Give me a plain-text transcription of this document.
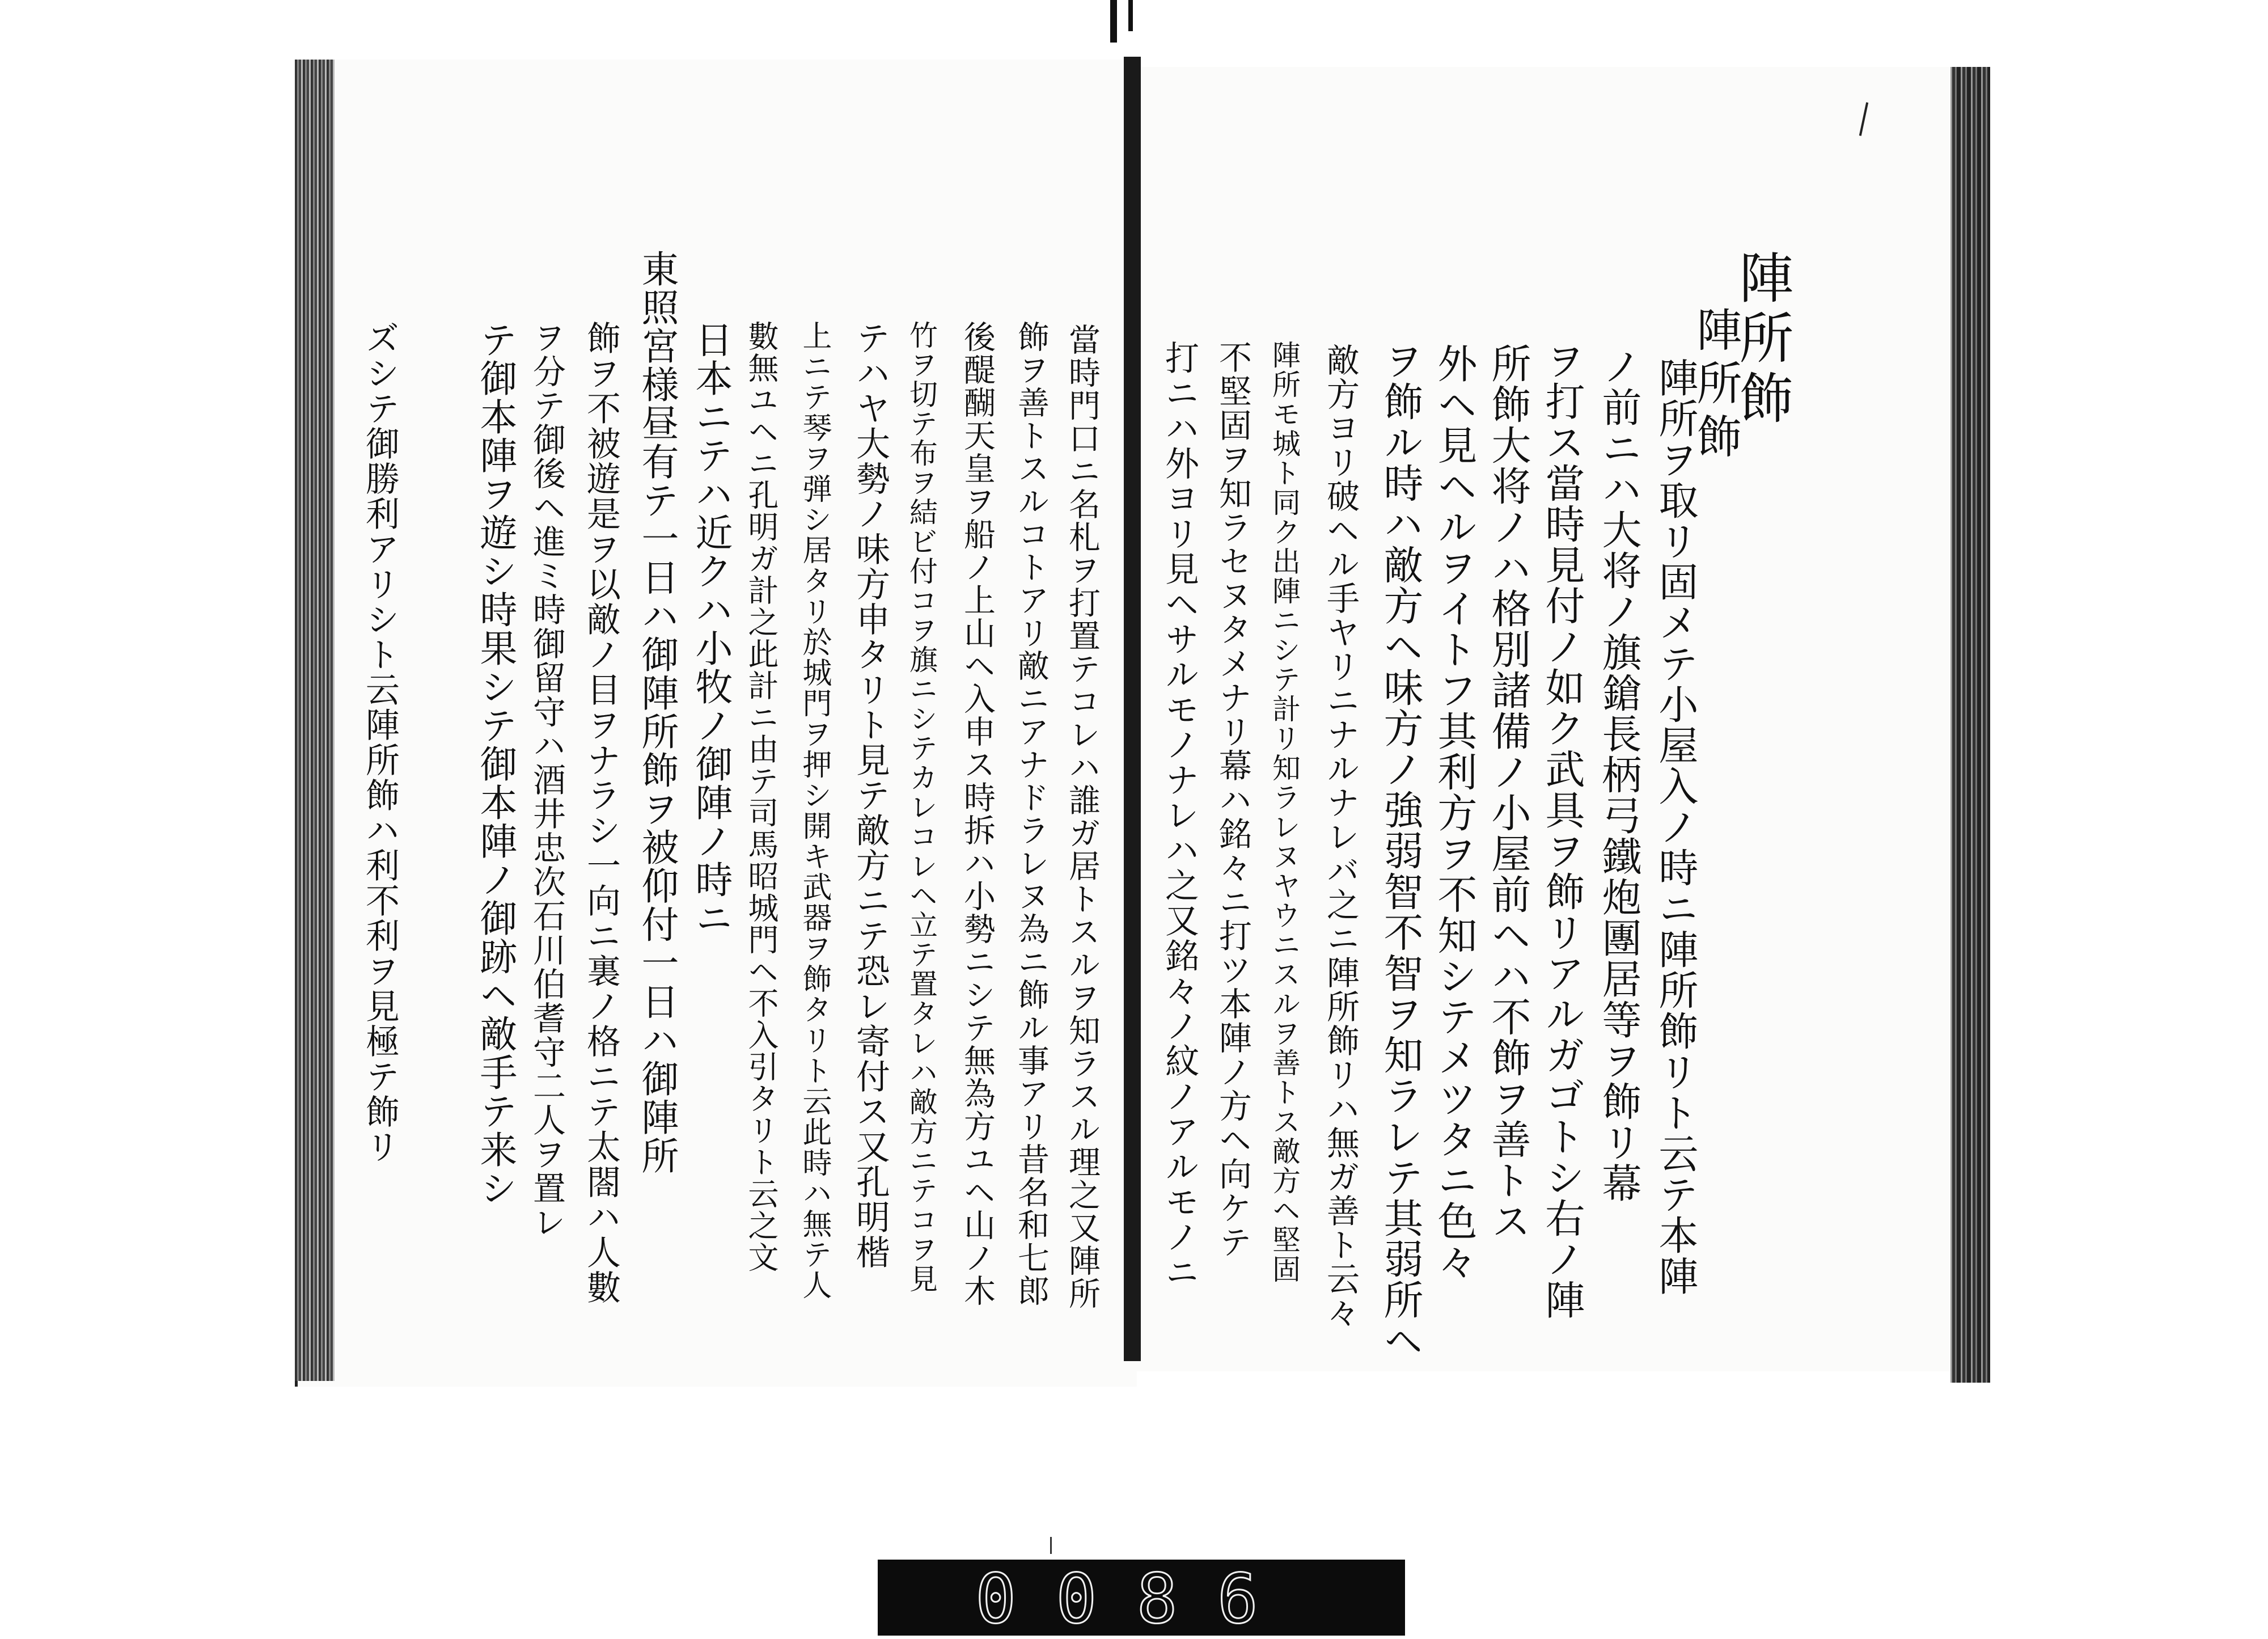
陣所飾
陣所飾
陣所ヲ取リ固メテ小屋入ノ時ニ陣所飾リト云テ本陣
ノ前ニハ大将ノ旗鎗長柄弓鐵炮團居等ヲ飾リ幕
ヲ打ス當時見付ノ如ク武具ヲ飾リアルガゴトシ右ノ陣
所飾大将ノハ格別諸備ノ小屋前ヘハ不飾ヲ善トス
外ヘ見ヘルヲイトフ其利方ヲ不知シテメツタニ色々
ヲ飾ル時ハ敵方ヘ味方ノ強弱智不智ヲ知ラレテ其弱所ヘ
敵方ヨリ破ヘル手ヤリニナルナレバ之ニ陣所飾リハ無ガ善ト云々
陣所モ城ト同ク出陣ニシテ計リ知ラレヌヤウニスルヲ善トス敵方ヘ堅固
不堅固ヲ知ラセヌタメナリ幕ハ銘々ニ打ツ本陣ノ方ヘ向ケテ
打ニハ外ヨリ見ヘサルモノナレハ之又銘々ノ紋ノアルモノニ
當時門口ニ名札ヲ打置テコレハ誰ガ居トスルヲ知ラスル理之又陣所
飾ヲ善トスルコトアリ敵ニアナドラレヌ為ニ飾ル事アリ昔名和七郎
後醍醐天皇ヲ船ノ上山ヘ入申ス時拆ハ小勢ニシテ無為方ユヘ山ノ木
竹ヲ切テ布ヲ結ビ付コヲ旗ニシテカレコレヘ立テ置タレハ敵方ニテコヲ見
テハヤ大勢ノ味方申タリト見テ敵方ニテ恐レ寄付ス又孔明楷
上ニテ琴ヲ弾シ居タリ於城門ヲ押シ開キ武器ヲ飾タリト云此時ハ無テ人
數無ユヘニ孔明ガ計之此計ニ由テ司馬昭城門ヘ不入引タリト云之文
日本ニテハ近クハ小牧ノ御陣ノ時ニ
東照宮様昼有テ一日ハ御陣所飾ヲ被仰付一日ハ御陣所
飾ヲ不被遊是ヲ以敵ノ目ヲナラシ一向ニ裏ノ格ニテ太閤ハ人數
ヲ分テ御後ヘ進ミ時御留守ハ酒井忠次石川伯耆守二人ヲ置レ
テ御本陣ヲ遊シ時果シテ御本陣ノ御跡ヘ敵手テ来シ
ズシテ御勝利アリシト云陣所飾ハ利不利ヲ見極テ飾リ
0086
